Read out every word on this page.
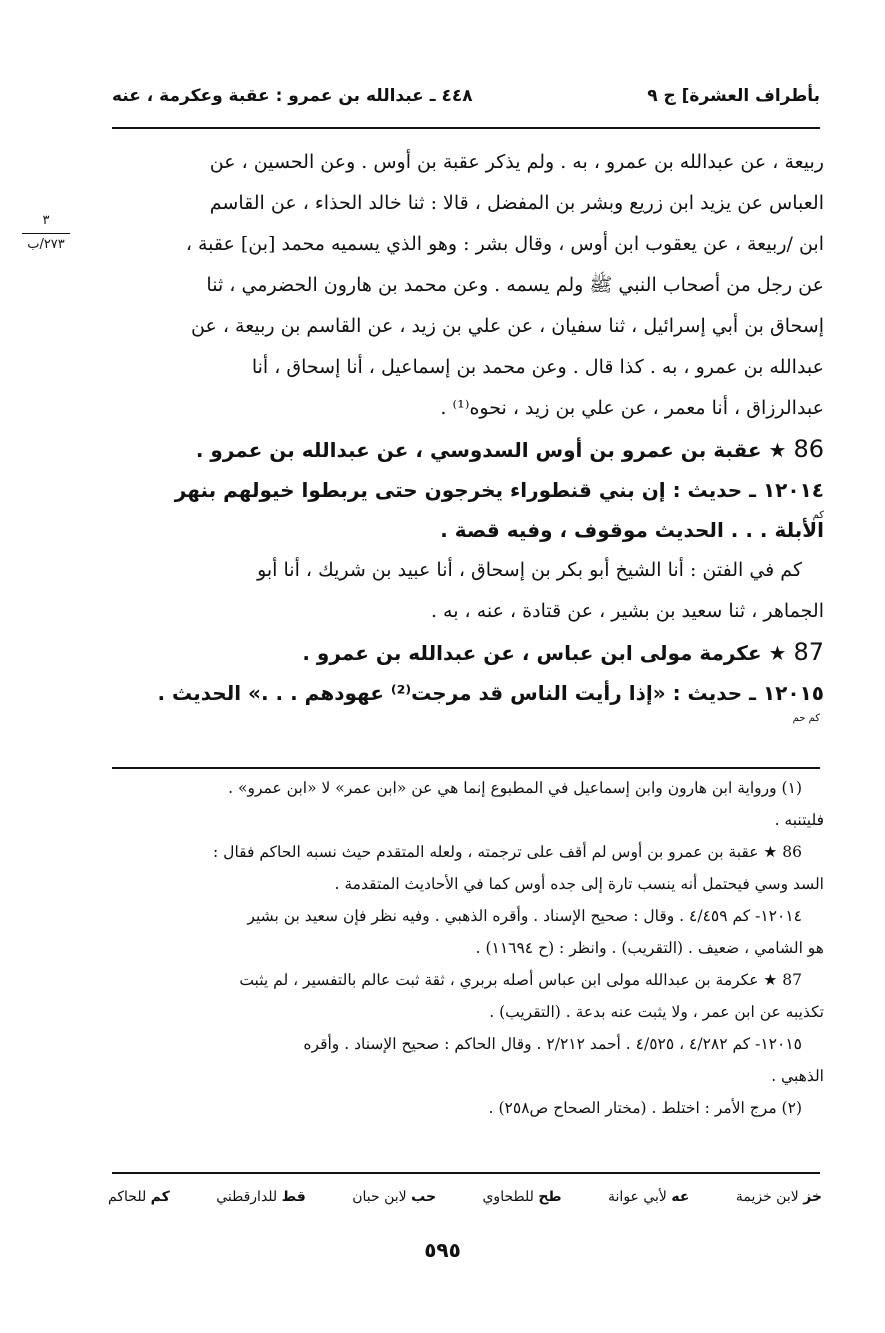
بأطراف العشرة] ج ٩
٤٤٨ ـ عبدالله بن عمرو : عقبة وعكرمة ، عنه
٣
٢٧٣/ب

ربيعة ، عن عبدالله بن عمرو ، به . ولم يذكر عقبة بن أوس . وعن الحسين ، عن

العباس عن يزيد ابن زريع وبشر بن المفضل ، قالا : ثنا خالد الحذاء ، عن القاسم

ابن /ربيعة ، عن يعقوب ابن أوس ، وقال بشر : وهو الذي يسميه محمد [بن] عقبة ،

عن رجل من أصحاب النبي ﷺ ولم يسمه . وعن محمد بن هارون الحضرمي ، ثنا

إسحاق بن أبي إسرائيل ، ثنا سفيان ، عن علي بن زيد ، عن القاسم بن ربيعة ، عن

عبدالله بن عمرو ، به . كذا قال . وعن محمد بن إسماعيل ، أنا إسحاق ، أنا

عبدالرزاق ، أنا معمر ، عن علي بن زيد ، نحوه⁽¹⁾ .

86 ★ عقبة بن عمرو بن أوس السدوسي ، عن عبدالله بن عمرو .

١٢٠١٤ ـ حديث : إن بني قنطوراء يخرجون حتى يربطوا خيولهم بنهر

كم
الأبلة . . . الحديث موقوف ، وفيه قصة .

كم في الفتن : أنا الشيخ أبو بكر بن إسحاق ، أنا عبيد بن شريك ، أنا أبو

الجماهر ، ثنا سعيد بن بشير ، عن قتادة ، عنه ، به .

87 ★ عكرمة مولى ابن عباس ، عن عبدالله بن عمرو .

١٢٠١٥ ـ حديث : «إذا رأيت الناس قد مرجت⁽²⁾ عهودهم . . .» الحديث .
كم حم

(١) ورواية ابن هارون وابن إسماعيل في المطبوع إنما هي عن «ابن عمر» لا «ابن عمرو» .

فليتنبه .

86 ★ عقبة بن عمرو بن أوس لم أقف على ترجمته ، ولعله المتقدم حيث نسبه الحاكم فقال :

السد وسي فيحتمل أنه ينسب تارة إلى جده أوس كما في الأحاديث المتقدمة .

١٢٠١٤- كم ٤/٤٥٩ . وقال : صحيح الإسناد . وأقره الذهبي . وفيه نظر فإن سعيد بن بشير

هو الشامي ، ضعيف . (التقريب) . وانظر : (ح ١١٦٩٤) .

87 ★ عكرمة بن عبدالله مولى ابن عباس أصله بربري ، ثقة ثبت عالم بالتفسير ، لم يثبت

تكذيبه عن ابن عمر ، ولا يثبت عنه بدعة . (التقريب) .

١٢٠١٥- كم ٤/٢٨٢ ، ٤/٥٢٥ . أحمد ٢/٢١٢ . وقال الحاكم : صحيح الإسناد . وأقره

الذهبي .

(٢) مرج الأمر : اختلط . (مختار الصحاح ص٢٥٨) .

خز لابن خزيمة
عه لأبي عوانة
طح للطحاوي
حب لابن حبان
قط للدارقطني
كم للحاكم
٥٩٥
